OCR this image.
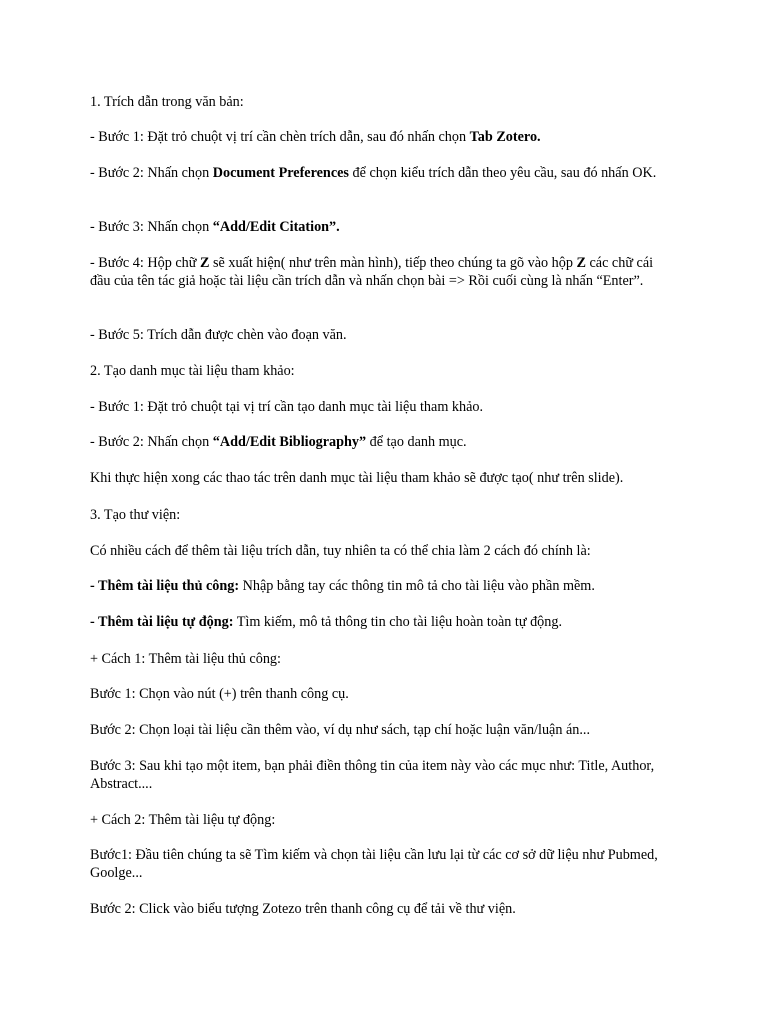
1. Trích dẫn trong văn bản:

- Bước 1: Đặt trỏ chuột vị trí cần chèn trích dẫn, sau đó nhấn chọn Tab Zotero.

- Bước 2: Nhấn chọn Document Preferences để chọn kiểu trích dẫn theo yêu cầu, sau đó nhấn OK.

- Bước 3: Nhấn chọn “Add/Edit Citation”.

- Bước 4: Hộp chữ Z sẽ xuất hiện( như trên màn hình), tiếp theo chúng ta gõ vào hộp Z các chữ cái đầu của tên tác giả hoặc tài liệu cần trích dẫn và nhấn chọn bài => Rồi cuối cùng là nhấn “Enter”.

- Bước 5: Trích dẫn được chèn vào đoạn văn.

2. Tạo danh mục tài liệu tham khảo:

- Bước 1: Đặt trỏ chuột tại vị trí cần tạo danh mục tài liệu tham khảo.

- Bước 2: Nhấn chọn “Add/Edit Bibliography” để tạo danh mục.

Khi thực hiện xong các thao tác trên danh mục tài liệu tham khảo sẽ được tạo( như trên slide).

3. Tạo thư viện:

Có nhiều cách để thêm tài liệu trích dẫn, tuy nhiên ta có thể chia làm 2 cách đó chính là:

- Thêm tài liệu thủ công: Nhập bằng tay các thông tin mô tả cho tài liệu vào phần mềm.

- Thêm tài liệu tự động: Tìm kiếm, mô tả thông tin cho tài liệu hoàn toàn tự động.

+ Cách 1: Thêm tài liệu thủ công:

Bước 1: Chọn vào nút (+) trên thanh công cụ.

Bước 2: Chọn loại tài liệu cần thêm vào, ví dụ như sách, tạp chí hoặc luận văn/luận án...

Bước 3: Sau khi tạo một item, bạn phải điền thông tin của item này vào các mục như: Title, Author, Abstract....

+ Cách 2: Thêm tài liệu tự động:

Bước1: Đầu tiên chúng ta sẽ Tìm kiếm và chọn tài liệu cần lưu lại từ các cơ sở dữ liệu như Pubmed, Goolge...

Bước 2: Click vào biểu tượng Zotezo trên thanh công cụ để tải về thư viện.
